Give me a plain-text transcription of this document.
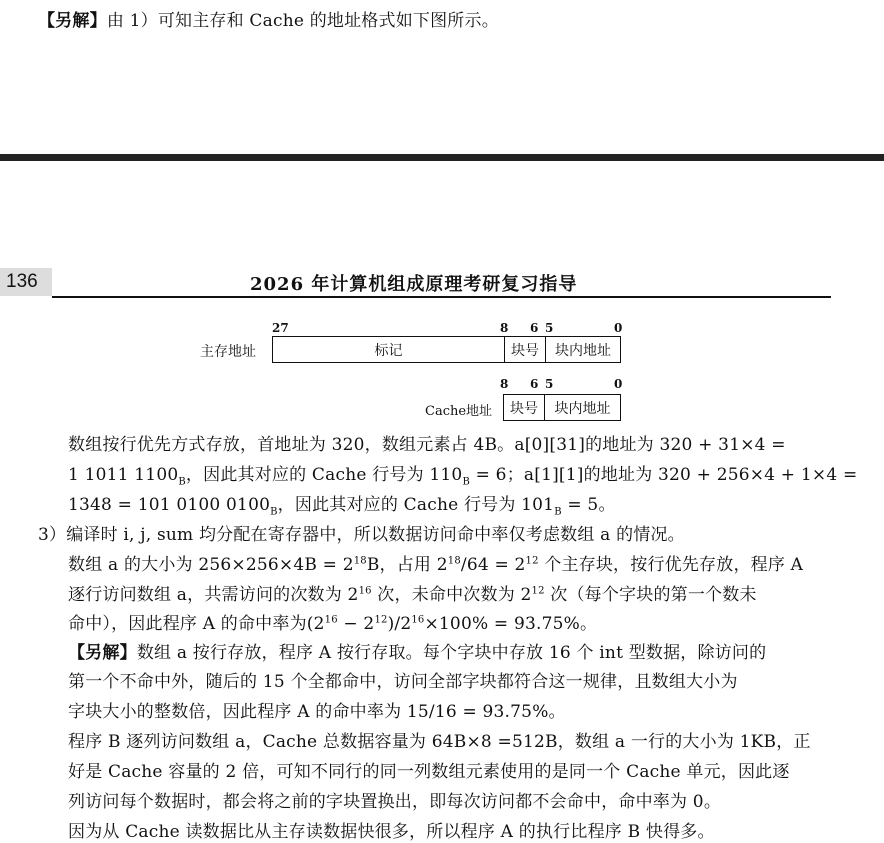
【另解】由 1）可知主存和 Cache 的地址格式如下图所示。
136	2026 年计算机组成原理考研复习指导
主存地址
27	8 6 5	0
标记	块号	块内地址
Cache地址
8 6 5	0
块号	块内地址
数组按行优先方式存放，首地址为 320，数组元素占 4B。a[0][31]的地址为 320 + 31×4 =
1 1011 $1100_B$，因此其对应的 Cache 行号为 $110_B = 6$；a[1][1]的地址为 320 + 256×4 + 1×4 =
1348 = 101 0100 $0100_B$，因此其对应的 Cache 行号为 $101_B = 5$。
3）编译时 i, j, sum 均分配在寄存器中，所以数据访问命中率仅考虑数组 a 的情况。
数组 a 的大小为 $256\times 256\times 4B = 2^{18}B$，占用 $2^{18}/64 = 2^{12}$ 个主存块，按行优先存放，程序 A
逐行访问数组 a，共需访问的次数为 $2^{16}$ 次，未命中次数为 $2^{12}$ 次（每个字块的第一个数未
命中），因此程序 A 的命中率为$(2^{16} - 2^{12})/2^{16}\times 100\% = 93.75\%$。
【另解】数组 a 按行存放，程序 A 按行存取。每个字块中存放 16 个 int 型数据，除访问的
第一个不命中外，随后的 15 个全都命中，访问全部字块都符合这一规律，且数组大小为
字块大小的整数倍，因此程序 A 的命中率为 15/16 = 93.75%。
程序 B 逐列访问数组 a，Cache 总数据容量为 64B×8 =512B，数组 a 一行的大小为 1KB，正
好是 Cache 容量的 2 倍，可知不同行的同一列数组元素使用的是同一个 Cache 单元，因此逐
列访问每个数据时，都会将之前的字块置换出，即每次访问都不会命中，命中率为 0。
因为从 Cache 读数据比从主存读数据快很多，所以程序 A 的执行比程序 B 快得多。
